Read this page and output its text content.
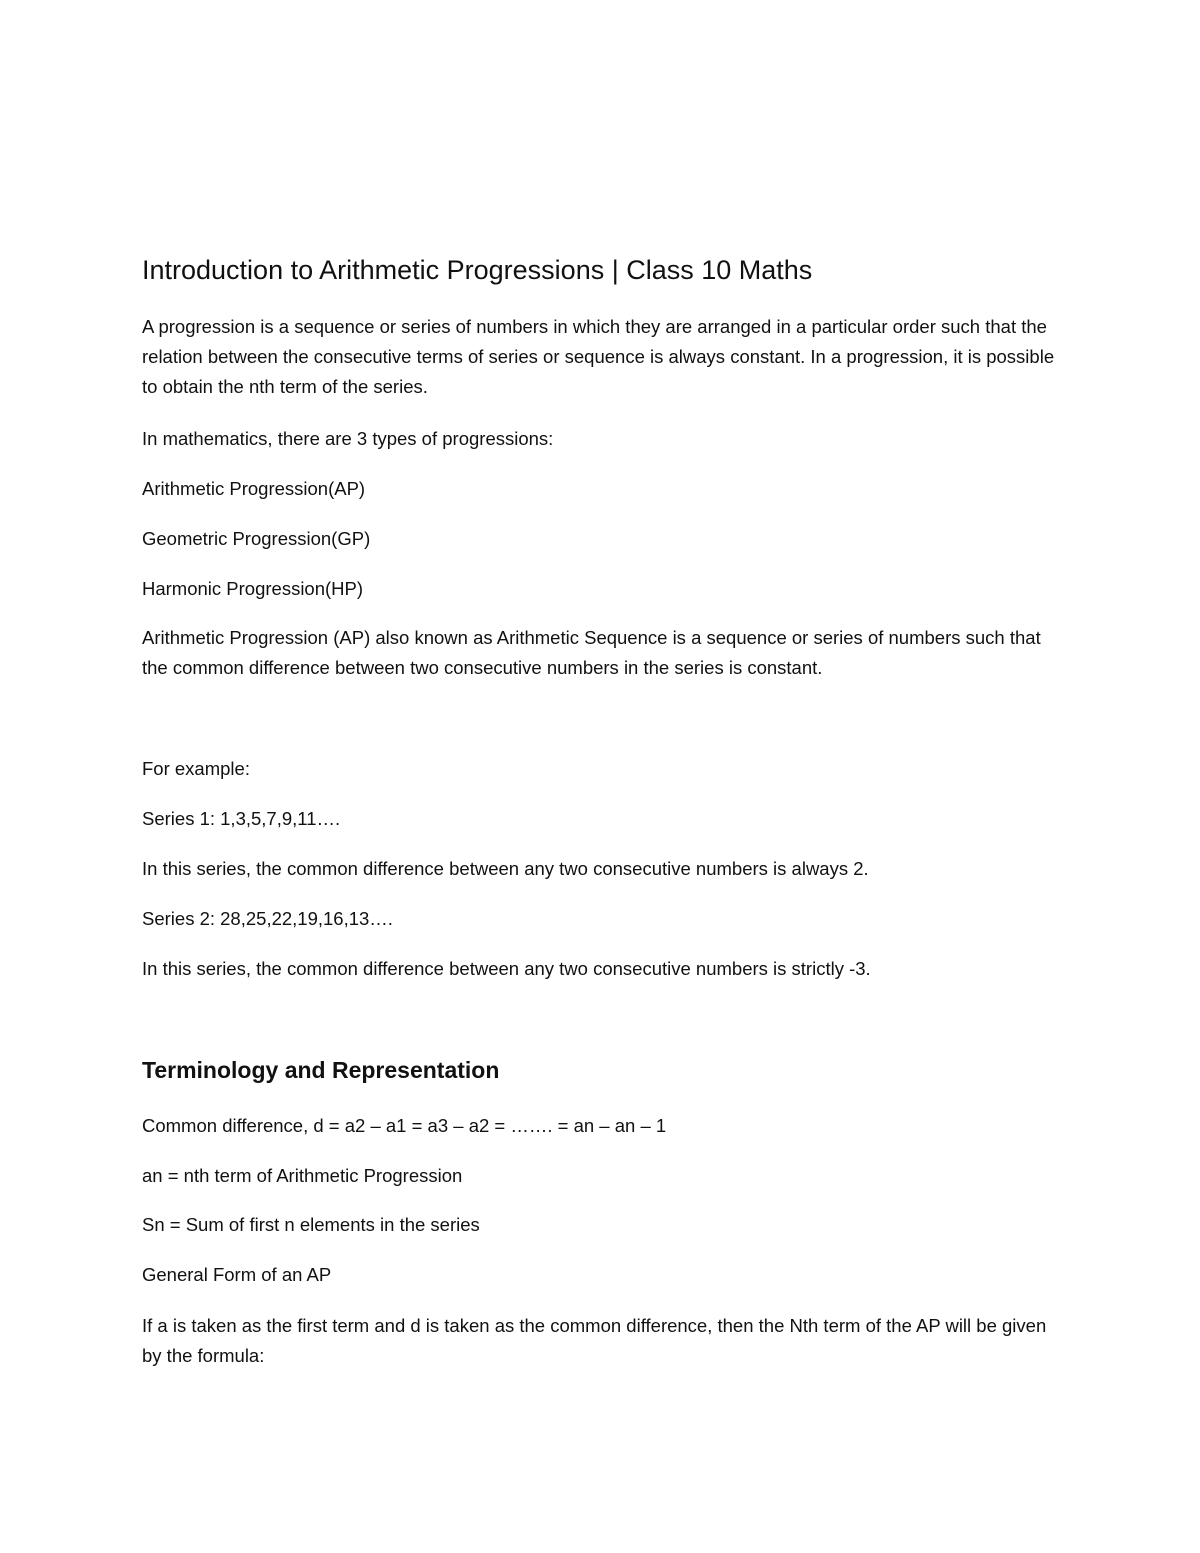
Introduction to Arithmetic Progressions | Class 10 Maths

A progression is a sequence or series of numbers in which they are arranged in a particular order such that the relation between the consecutive terms of series or sequence is always constant. In a progression, it is possible to obtain the nth term of the series.

In mathematics, there are 3 types of progressions:

Arithmetic Progression(AP)

Geometric Progression(GP)

Harmonic Progression(HP)

Arithmetic Progression (AP) also known as Arithmetic Sequence is a sequence or series of numbers such that the common difference between two consecutive numbers in the series is constant.

For example:

Series 1: 1,3,5,7,9,11….

In this series, the common difference between any two consecutive numbers is always 2.

Series 2: 28,25,22,19,16,13….

In this series, the common difference between any two consecutive numbers is strictly -3.

Terminology and Representation

Common difference, d = a2 – a1 = a3 – a2 = ……. = an – an – 1

an = nth term of Arithmetic Progression

Sn = Sum of first n elements in the series

General Form of an AP

If a is taken as the first term and d is taken as the common difference, then the Nth term of the AP will be given by the formula:
